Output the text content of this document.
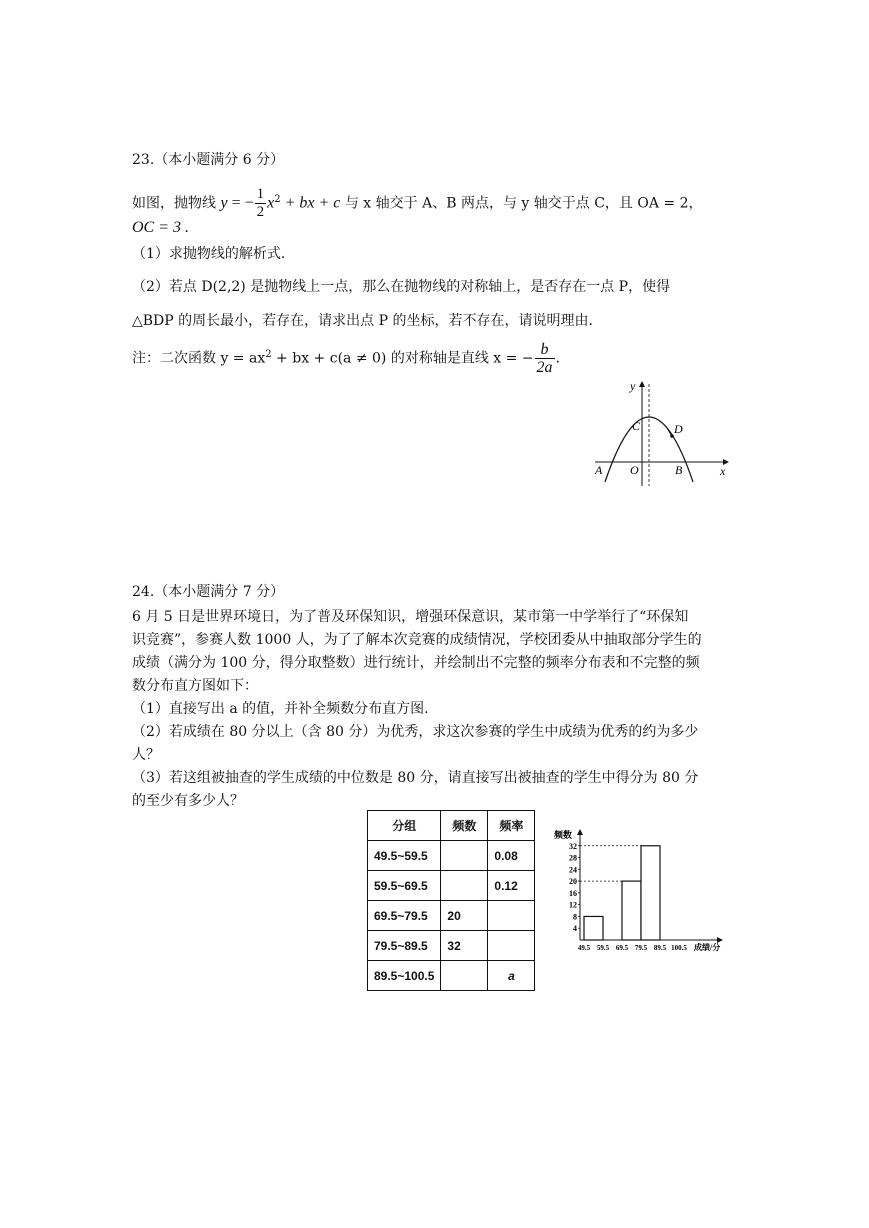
23.（本小题满分 6 分）
如图，抛物线 y = − $\frac{1}{2} x^2$ + bx + c 与 x 轴交于 A、B 两点，与 y 轴交于点 C，且 OA = 2，
OC = 3 .
（1）求抛物线的解析式.
（2）若点 D(2,2) 是抛物线上一点，那么在抛物线的对称轴上，是否存在一点 P，使得
△BDP 的周长最小，若存在，请求出点 P 的坐标，若不存在，请说明理由.
注：二次函数 $y = ax^2$ + bx + c(a ≠ 0) 的对称轴是直线 x = − $\frac{b}{2a}$ .
y
x
A O	B
C	D
24.（本小题满分 7 分）
6 月 5 日是世界环境日，为了普及环保知识，增强环保意识，某市第一中学举行了“环保知
识竞赛”，参赛人数 1000 人，为了了解本次竞赛的成绩情况，学校团委从中抽取部分学生的
成绩（满分为 100 分，得分取整数）进行统计，并绘制出不完整的频率分布表和不完整的频
数分布直方图如下：
（1）直接写出 a 的值，并补全频数分布直方图.
（2）若成绩在 80 分以上（含 80 分）为优秀，求这次参赛的学生中成绩为优秀的约为多少
人？
（3）若这组被抽查的学生成绩的中位数是 80 分，请直接写出被抽查的学生中得分为 80 分
的至少有多少人？
分组	频数	频率
49.5~59.5		0.08
59.5~69.5		0.12
69.5~79.5	20	
79.5~89.5	32	
89.5~100.5		a
频数
4
8
12
16
20
24
28
32
49.5 59.5 69.5 79.5 89.5 100.5 成绩/分
